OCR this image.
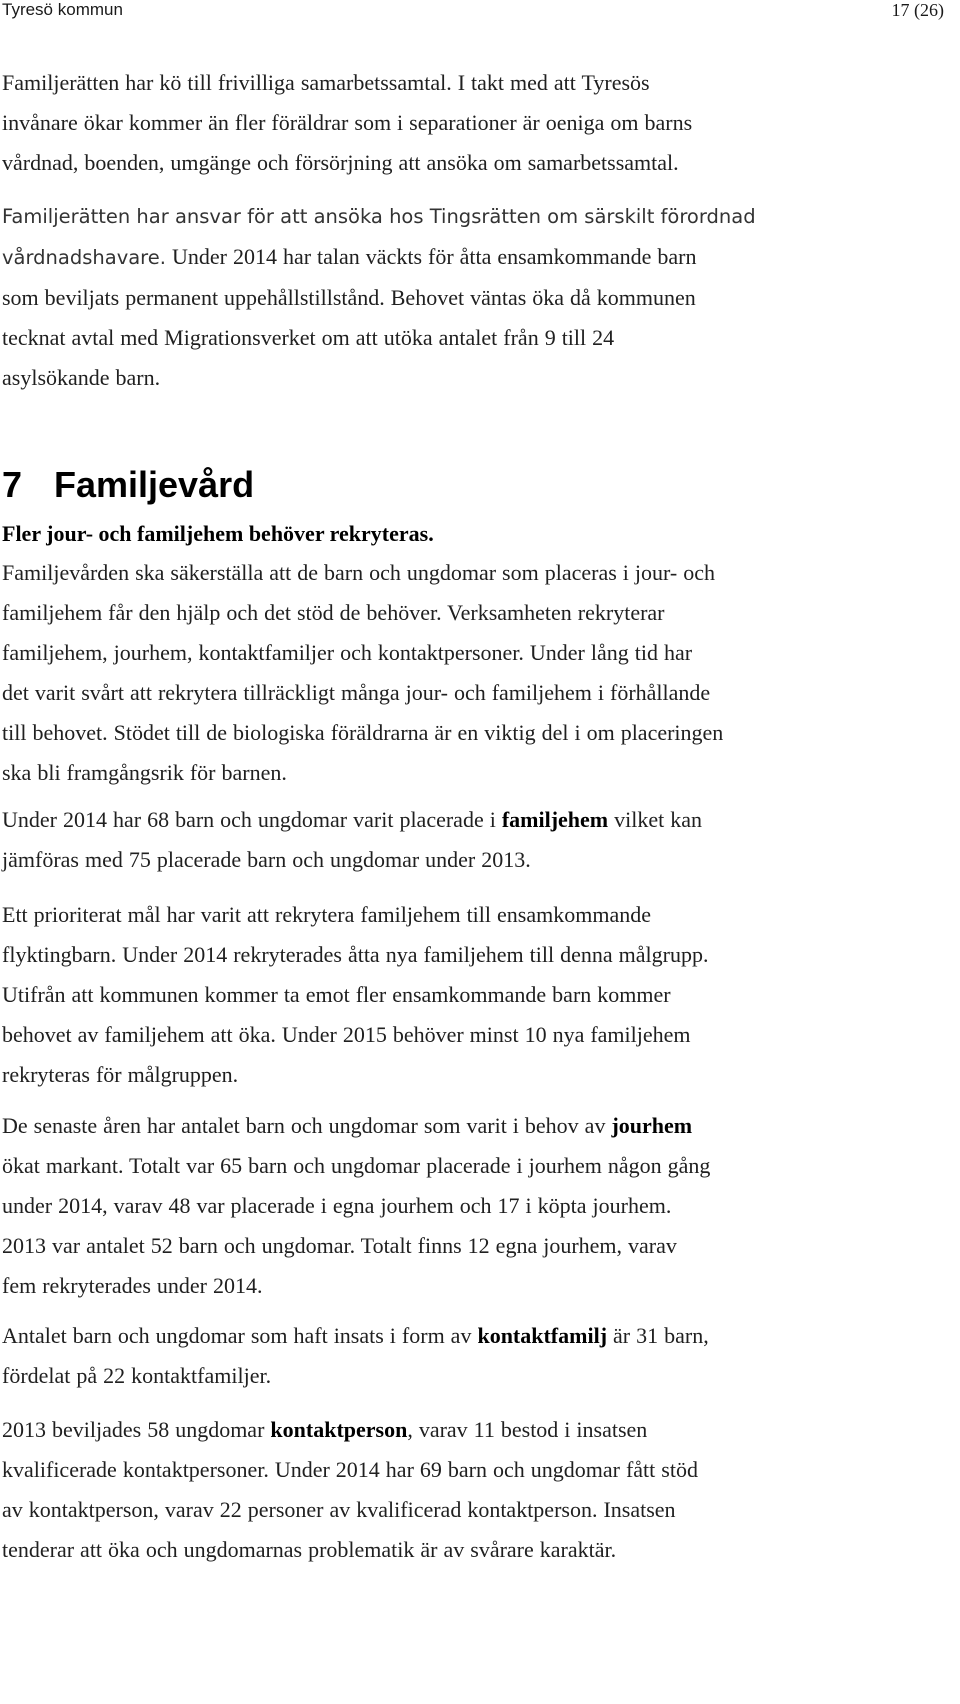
Tyresö kommun	17 (26)
Familjerätten har kö till frivilliga samarbetssamtal. I takt med att Tyresös
invånare ökar kommer än fler föräldrar som i separationer är oeniga om barns
vårdnad, boenden, umgänge och försörjning att ansöka om samarbetssamtal.
Familjerätten har ansvar för att ansöka hos Tingsrätten om särskilt förordnad
vårdnadshavare. Under 2014 har talan väckts för åtta ensamkommande barn
som beviljats permanent uppehållstillstånd. Behovet väntas öka då kommunen
tecknat avtal med Migrationsverket om att utöka antalet från 9 till 24
asylsökande barn.
7 Familjevård
Fler jour- och familjehem behöver rekryteras.
Familjevården ska säkerställa att de barn och ungdomar som placeras i jour- och
familjehem får den hjälp och det stöd de behöver. Verksamheten rekryterar
familjehem, jourhem, kontaktfamiljer och kontaktpersoner. Under lång tid har
det varit svårt att rekrytera tillräckligt många jour- och familjehem i förhållande
till behovet. Stödet till de biologiska föräldrarna är en viktig del i om placeringen
ska bli framgångsrik för barnen.
Under 2014 har 68 barn och ungdomar varit placerade i familjehem vilket kan
jämföras med 75 placerade barn och ungdomar under 2013.
Ett prioriterat mål har varit att rekrytera familjehem till ensamkommande
flyktingbarn. Under 2014 rekryterades åtta nya familjehem till denna målgrupp.
Utifrån att kommunen kommer ta emot fler ensamkommande barn kommer
behovet av familjehem att öka. Under 2015 behöver minst 10 nya familjehem
rekryteras för målgruppen.
De senaste åren har antalet barn och ungdomar som varit i behov av jourhem
ökat markant. Totalt var 65 barn och ungdomar placerade i jourhem någon gång
under 2014, varav 48 var placerade i egna jourhem och 17 i köpta jourhem.
2013 var antalet 52 barn och ungdomar. Totalt finns 12 egna jourhem, varav
fem rekryterades under 2014.
Antalet barn och ungdomar som haft insats i form av kontaktfamilj är 31 barn,
fördelat på 22 kontaktfamiljer.
2013 beviljades 58 ungdomar kontaktperson, varav 11 bestod i insatsen
kvalificerade kontaktpersoner. Under 2014 har 69 barn och ungdomar fått stöd
av kontaktperson, varav 22 personer av kvalificerad kontaktperson. Insatsen
tenderar att öka och ungdomarnas problematik är av svårare karaktär.
